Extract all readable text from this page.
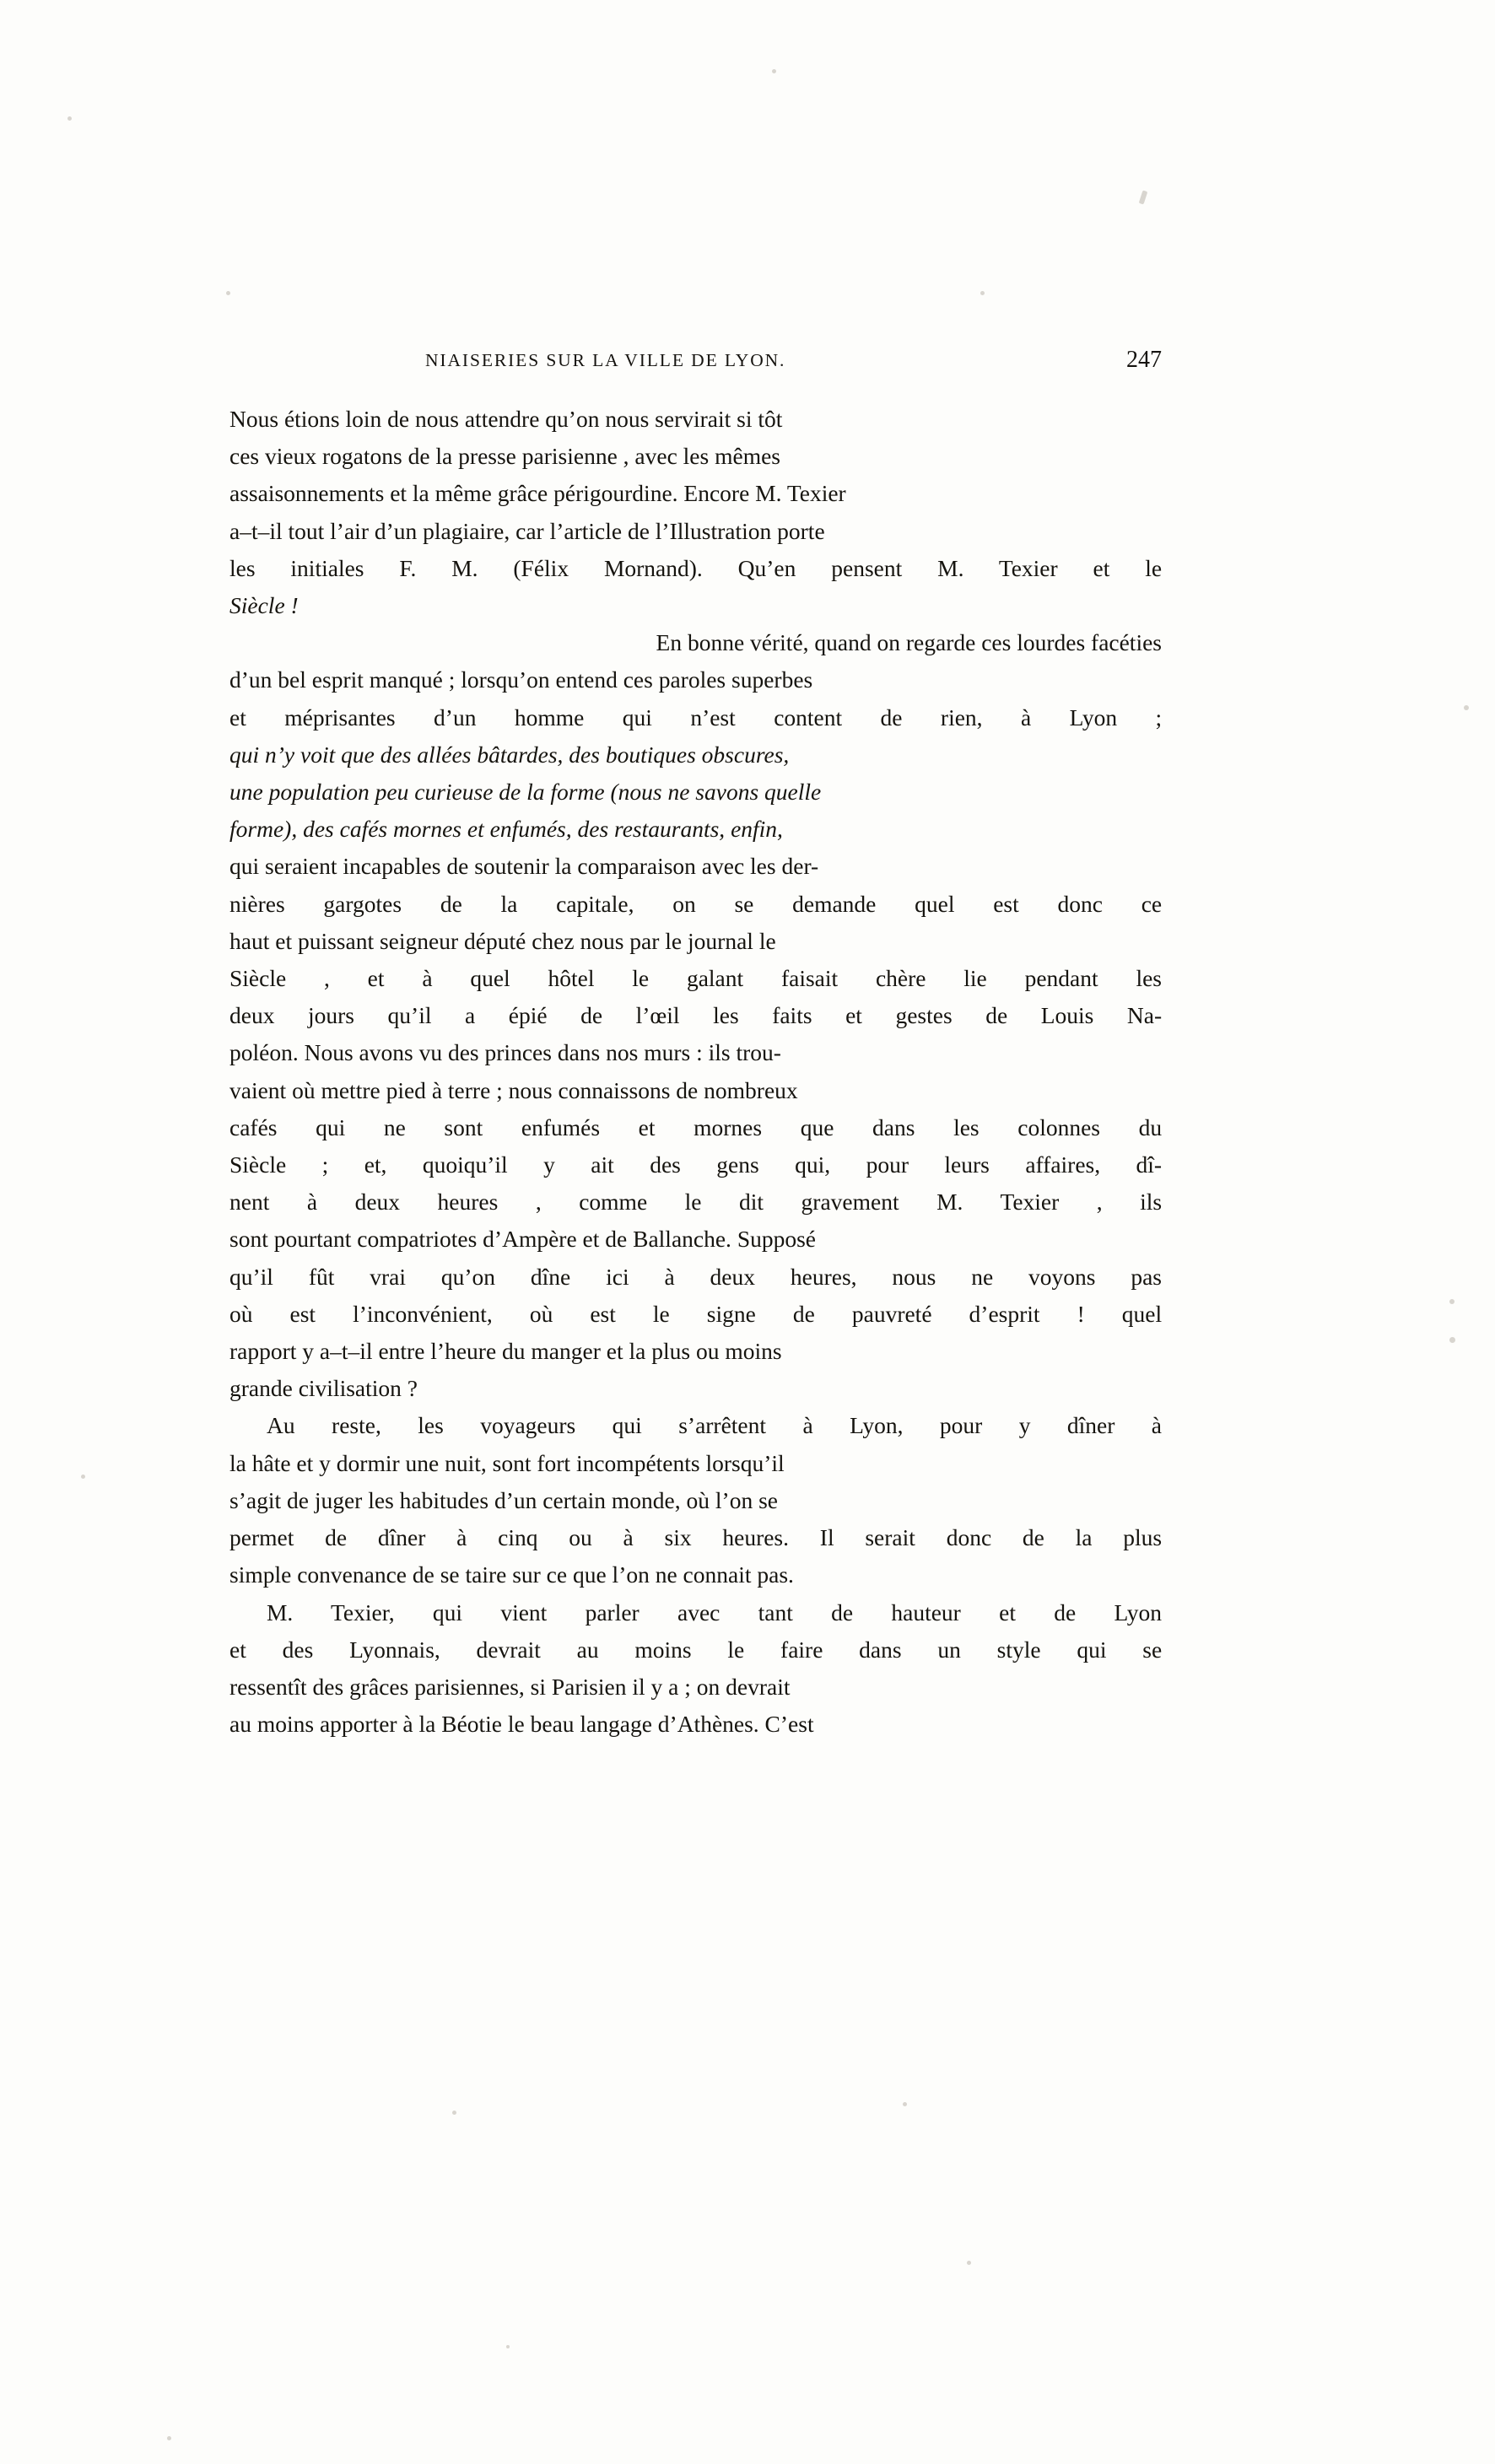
NIAISERIES SUR LA VILLE DE LYON.	247

Nous étions loin de nous attendre qu’on nous servirait si tôt
ces vieux rogatons de la presse parisienne , avec les mêmes
assaisonnements et la même grâce périgourdine. Encore M. Texier
a–t–il tout l’air d’un plagiaire, car l’article de l’Illustration porte
les initiales F. M. (Félix Mornand). Qu’en pensent M. Texier et le
Siècle !

En bonne vérité, quand on regarde ces lourdes facéties
d’un bel esprit manqué ; lorsqu’on entend ces paroles superbes
et méprisantes d’un homme qui n’est content de rien, à Lyon ;
qui n’y voit que des allées bâtardes, des boutiques obscures,
une population peu curieuse de la forme (nous ne savons quelle
forme), des cafés mornes et enfumés, des restaurants, enfin,
qui seraient incapables de soutenir la comparaison avec les der-
nières gargotes de la capitale, on se demande quel est donc ce
haut et puissant seigneur député chez nous par le journal le
Siècle , et à quel hôtel le galant faisait chère lie pendant les
deux jours qu’il a épié de l’œil les faits et gestes de Louis Na-
poléon. Nous avons vu des princes dans nos murs : ils trou-
vaient où mettre pied à terre ; nous connaissons de nombreux
cafés qui ne sont enfumés et mornes que dans les colonnes du
Siècle ; et, quoiqu’il y ait des gens qui, pour leurs affaires, dî-
nent à deux heures , comme le dit gravement M. Texier , ils
sont pourtant compatriotes d’Ampère et de Ballanche. Supposé
qu’il fût vrai qu’on dîne ici à deux heures, nous ne voyons pas
où est l’inconvénient, où est le signe de pauvreté d’esprit ! quel
rapport y a–t–il entre l’heure du manger et la plus ou moins
grande civilisation ?

Au reste, les voyageurs qui s’arrêtent à Lyon, pour y dîner à
la hâte et y dormir une nuit, sont fort incompétents lorsqu’il
s’agit de juger les habitudes d’un certain monde, où l’on se
permet de dîner à cinq ou à six heures. Il serait donc de la plus
simple convenance de se taire sur ce que l’on ne connait pas.

M. Texier, qui vient parler avec tant de hauteur et de Lyon
et des Lyonnais, devrait au moins le faire dans un style qui se
ressentît des grâces parisiennes, si Parisien il y a ; on devrait
au moins apporter à la Béotie le beau langage d’Athènes. C’est
